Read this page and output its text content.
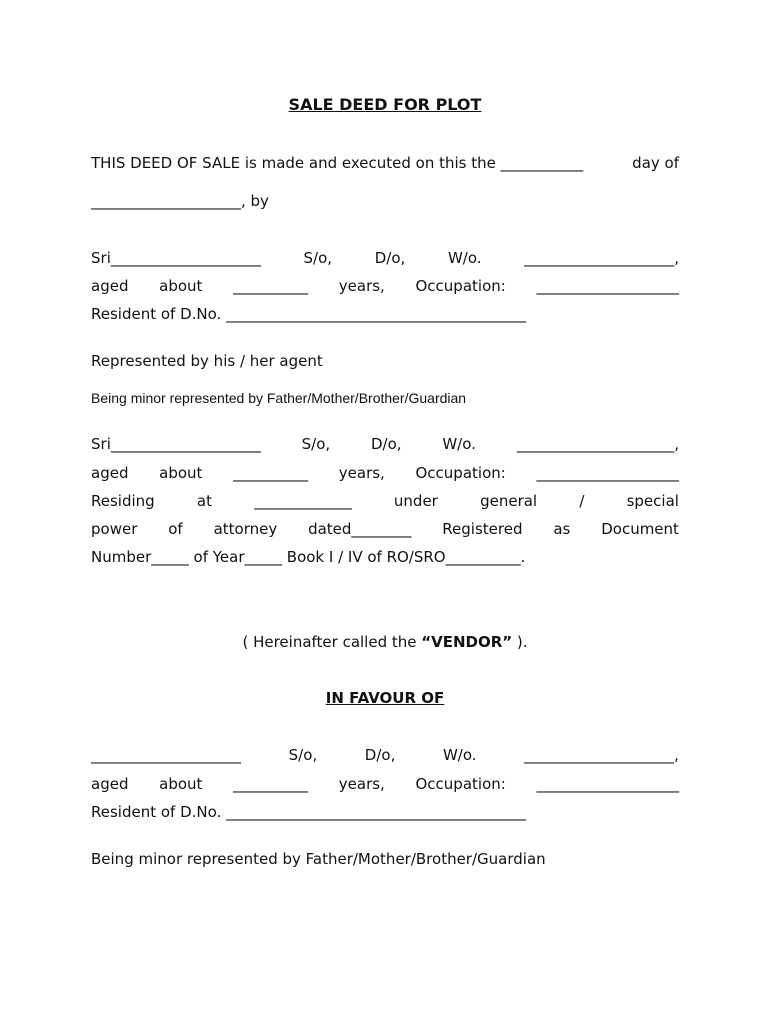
SALE DEED FOR PLOT
THIS DEED OF SALE is made and executed on this the ___________	day of
____________________, by
Sri____________________	S/o,	D/o,	W/o.	____________________,
aged about __________ years, Occupation: ___________________
Resident of D.No. ________________________________________
Represented by his / her agent
Being minor represented by Father/Mother/Brother/Guardian
Sri____________________	S/o,	D/o,	W/o.	_____________________,
aged about __________ years, Occupation: ___________________
Residing	at	_____________	under	general	/	special
power of attorney dated________ Registered as Document
Number_____ of Year_____ Book I / IV of RO/SRO__________.
( Hereinafter called the “VENDOR” ).
IN FAVOUR OF
____________________	S/o,	D/o,	W/o.	____________________,
aged about __________ years, Occupation: ___________________
Resident of D.No. ________________________________________
Being minor represented by Father/Mother/Brother/Guardian
